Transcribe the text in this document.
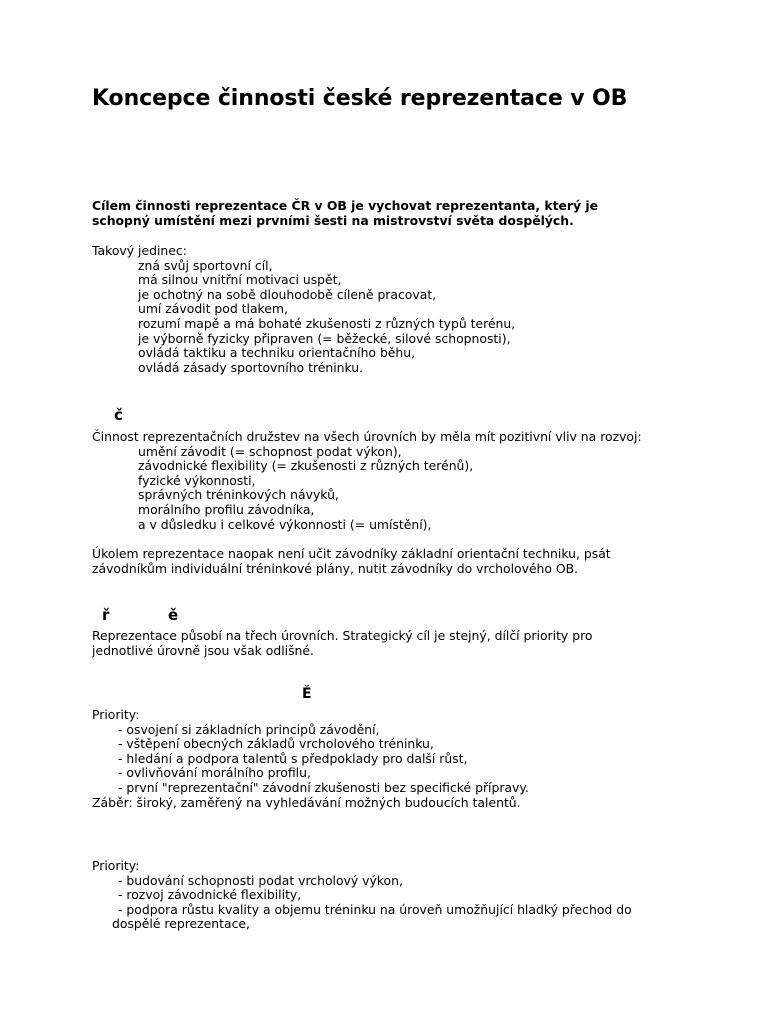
Koncepce činnosti české reprezentace v OB
Cílem činnosti reprezentace ČR v OB je vychovat reprezentanta, který je
schopný umístění mezi prvními šesti na mistrovství světa dospělých.
Takový jedinec:
zná svůj sportovní cíl,
má silnou vnitřní motivaci uspět,
je ochotný na sobě dlouhodobě cíleně pracovat,
umí závodit pod tlakem,
rozumí mapě a má bohaté zkušenosti z různých typů terénu,
je výborně fyzicky připraven (= běžecké, silové schopnosti),
ovládá taktiku a techniku orientačního běhu,
ovládá zásady sportovního tréninku.
č
Činnost reprezentačních družstev na všech úrovních by měla mít pozitivní vliv na rozvoj:
umění závodit (= schopnost podat výkon),
závodnické flexibility (= zkušenosti z různých terénů),
fyzické výkonnosti,
správných tréninkových návyků,
morálního profilu závodníka,
a v důsledku i celkové výkonnosti (= umístění),
Úkolem reprezentace naopak není učit závodníky základní orientační techniku, psát
závodníkům individuální tréninkové plány, nutit závodníky do vrcholového OB.
ř	ě
Reprezentace působí na třech úrovních. Strategický cíl je stejný, dílčí priority pro
jednotlivé úrovně jsou však odlišné.
Ě
Priority:
- osvojení si základních principů závodění,
- vštěpení obecných základů vrcholového tréninku,
- hledání a podpora talentů s předpoklady pro další růst,
- ovlivňování morálního profilu,
- první "reprezentační" závodní zkušenosti bez specifické přípravy.
Záběr: široký, zaměřený na vyhledávání možných budoucích talentů.
Priority:
- budování schopnosti podat vrcholový výkon,
- rozvoj závodnické flexibility,
- podpora růstu kvality a objemu tréninku na úroveň umožňující hladký přechod do
dospělé reprezentace,
